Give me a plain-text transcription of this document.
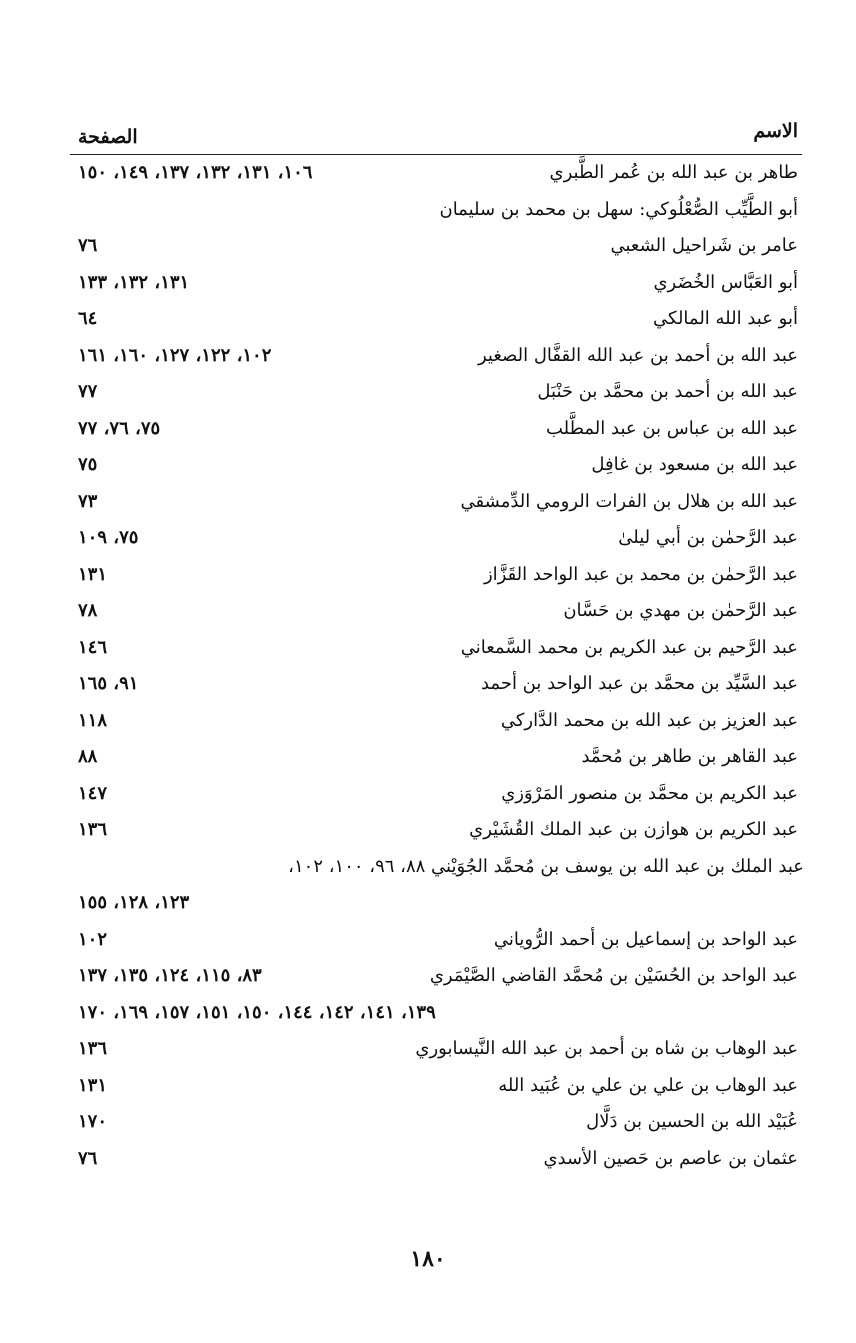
الاسم
الصفحة
طاهر بن عبد الله بن عُمر الطَّبري
١٠٦، ١٣١، ١٣٢، ١٣٧، ١٤٩، ١٥٠
أبو الطَّيِّب الصُّعْلُوكي: سهل بن محمد بن سليمان
عامر بن شَراحيل الشعبي
٧٦
أبو العَبَّاس الخُضَري
١٣١، ١٣٢، ١٣٣
أبو عبد الله المالكي
٦٤
عبد الله بن أحمد بن عبد الله القفَّال الصغير
١٠٢، ١٢٢، ١٢٧، ١٦٠، ١٦١
عبد الله بن أحمد بن محمَّد بن حَنْبَل
٧٧
عبد الله بن عباس بن عبد المطَّلب
٧٥، ٧٦، ٧٧
عبد الله بن مسعود بن غافِل
٧٥
عبد الله بن هلال بن الفرات الرومي الدِّمشقي
٧٣
عبد الرَّحمٰن بن أبي ليلىٰ
٧٥، ١٠٩
عبد الرَّحمٰن بن محمد بن عبد الواحد القَزَّاز
١٣١
عبد الرَّحمٰن بن مهدي بن حَسَّان
٧٨
عبد الرَّحيم بن عبد الكريم بن محمد السَّمعاني
١٤٦
عبد السَّيِّد بن محمَّد بن عبد الواحد بن أحمد
٩١، ١٦٥
عبد العزيز بن عبد الله بن محمد الدَّاركي
١١٨
عبد القاهر بن طاهر بن مُحمَّد
٨٨
عبد الكريم بن محمَّد بن منصور المَرْوَزي
١٤٧
عبد الكريم بن هوازن بن عبد الملك القُشَيْري
١٣٦
عبد الملك بن عبد الله بن يوسف بن مُحمَّد الجُوَيْني ٨٨، ٩٦، ١٠٠، ١٠٢،
١٢٣، ١٢٨، ١٥٥
عبد الواحد بن إسماعيل بن أحمد الرُّوياني
١٠٢
عبد الواحد بن الحُسَيْن بن مُحمَّد القاضي الصَّيْمَري
٨٣، ١١٥، ١٢٤، ١٣٥، ١٣٧
١٣٩، ١٤١، ١٤٢، ١٤٤، ١٥٠، ١٥١، ١٥٧، ١٦٩، ١٧٠
عبد الوهاب بن شاه بن أحمد بن عبد الله النَّيسابوري
١٣٦
عبد الوهاب بن علي بن علي بن عُبَيد الله
١٣١
عُبَيْد الله بن الحسين بن دَلَّال
١٧٠
عثمان بن عاصم بن حَصين الأسدي
٧٦
١٨٠
